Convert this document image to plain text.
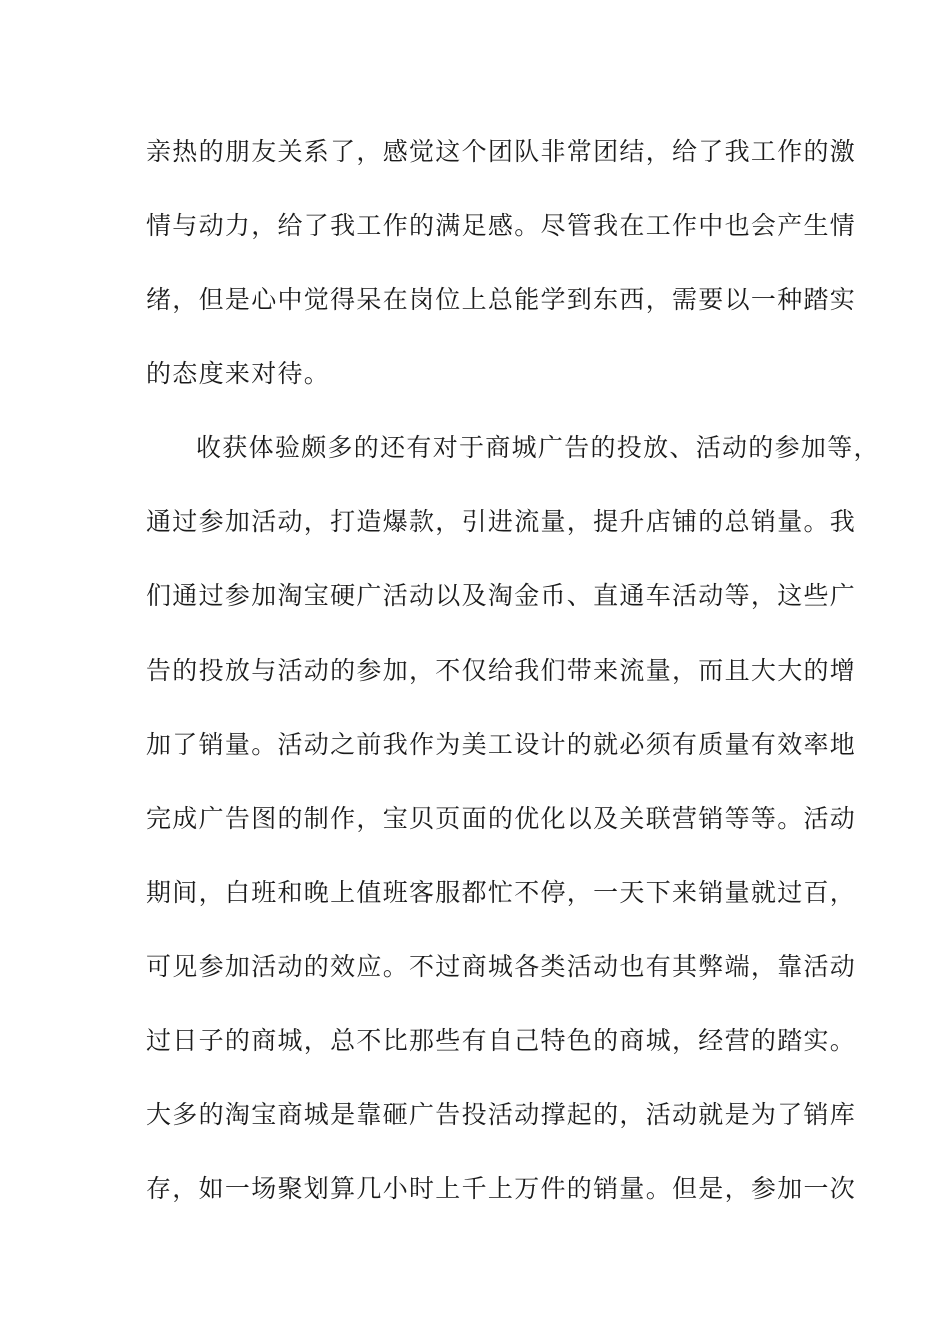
亲热的朋友关系了，感觉这个团队非常团结，给了我工作的激
情与动力，给了我工作的满足感。尽管我在工作中也会产生情
绪，但是心中觉得呆在岗位上总能学到东西，需要以一种踏实
的态度来对待。
收获体验颇多的还有对于商城广告的投放、活动的参加等，
通过参加活动，打造爆款，引进流量，提升店铺的总销量。我
们通过参加淘宝硬广活动以及淘金币、直通车活动等，这些广
告的投放与活动的参加，不仅给我们带来流量，而且大大的增
加了销量。活动之前我作为美工设计的就必须有质量有效率地
完成广告图的制作，宝贝页面的优化以及关联营销等等。活动
期间，白班和晚上值班客服都忙不停，一天下来销量就过百，
可见参加活动的效应。不过商城各类活动也有其弊端，靠活动
过日子的商城，总不比那些有自己特色的商城，经营的踏实。
大多的淘宝商城是靠砸广告投活动撑起的，活动就是为了销库
存，如一场聚划算几小时上千上万件的销量。但是，参加一次
